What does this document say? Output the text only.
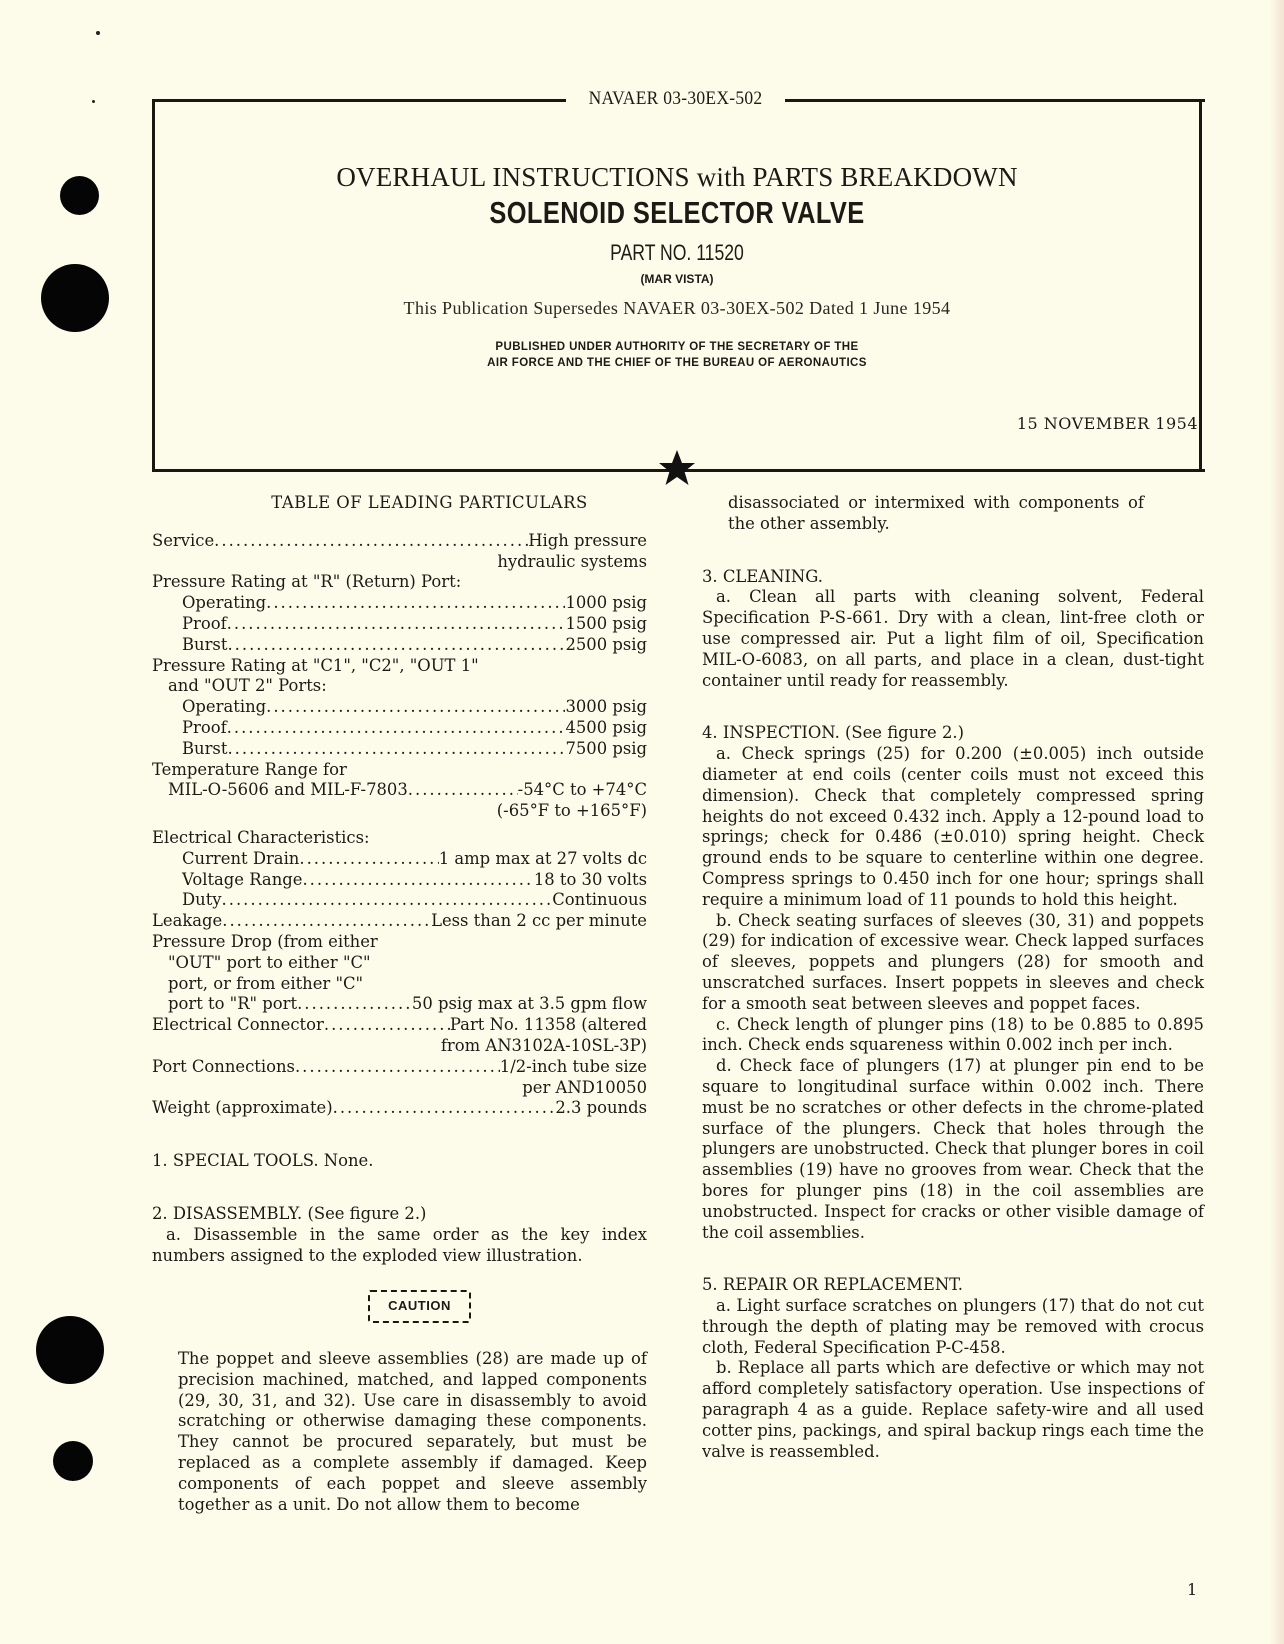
NAVAER 03-30EX-502
OVERHAUL INSTRUCTIONS with PARTS BREAKDOWN
SOLENOID SELECTOR VALVE
PART NO. 11520
(MAR VISTA)
This Publication Supersedes NAVAER 03-30EX-502 Dated 1 June 1954
PUBLISHED UNDER AUTHORITY OF THE SECRETARY OF THE
AIR FORCE AND THE CHIEF OF THE BUREAU OF AERONAUTICS
15 NOVEMBER 1954
TABLE OF LEADING PARTICULARS
Service .....	High pressure
hydraulic systems
Pressure Rating at "R" (Return) Port:
Operating .....	1000 psig
Proof .....	1500 psig
Burst .....	2500 psig
Pressure Rating at "C1", "C2", "OUT 1"
and "OUT 2" Ports:
Operating .....	3000 psig
Proof .....	4500 psig
Burst .....	7500 psig
Temperature Range for
MIL-O-5606 and MIL-F-7803 .....	-54°C to +74°C
(-65°F to +165°F)
Electrical Characteristics:
Current Drain .....	1 amp max at 27 volts dc
Voltage Range .....	18 to 30 volts
Duty .....	Continuous
Leakage .....	Less than 2 cc per minute
Pressure Drop (from either
"OUT" port to either "C"
port, or from either "C"
port to "R" port .....	50 psig max at 3.5 gpm flow
Electrical Connector .....	Part No. 11358 (altered
from AN3102A-10SL-3P)
Port Connections .....	1/2-inch tube size
per AND10050
Weight (approximate) .....	2.3 pounds
1. SPECIAL TOOLS. None.
2. DISASSEMBLY. (See figure 2.)
a. Disassemble in the same order as the key index numbers assigned to the exploded view illustration.
CAUTION
The poppet and sleeve assemblies (28) are made up of precision machined, matched, and lapped components (29, 30, 31, and 32). Use care in disassembly to avoid scratching or otherwise damaging these components. They cannot be procured separately, but must be replaced as a complete assembly if damaged. Keep components of each poppet and sleeve assembly together as a unit. Do not allow them to become
disassociated or intermixed with components of the other assembly.
3. CLEANING.
a. Clean all parts with cleaning solvent, Federal Specification P-S-661. Dry with a clean, lint-free cloth or use compressed air. Put a light film of oil, Specification MIL-O-6083, on all parts, and place in a clean, dust-tight container until ready for reassembly.
4. INSPECTION. (See figure 2.)
a. Check springs (25) for 0.200 (±0.005) inch outside diameter at end coils (center coils must not exceed this dimension). Check that completely compressed spring heights do not exceed 0.432 inch. Apply a 12-pound load to springs; check for 0.486 (±0.010) spring height. Check ground ends to be square to centerline within one degree. Compress springs to 0.450 inch for one hour; springs shall require a minimum load of 11 pounds to hold this height.
b. Check seating surfaces of sleeves (30, 31) and poppets (29) for indication of excessive wear. Check lapped surfaces of sleeves, poppets and plungers (28) for smooth and unscratched surfaces. Insert poppets in sleeves and check for a smooth seat between sleeves and poppet faces.
c. Check length of plunger pins (18) to be 0.885 to 0.895 inch. Check ends squareness within 0.002 inch per inch.
d. Check face of plungers (17) at plunger pin end to be square to longitudinal surface within 0.002 inch. There must be no scratches or other defects in the chrome-plated surface of the plungers. Check that holes through the plungers are unobstructed. Check that plunger bores in coil assemblies (19) have no grooves from wear. Check that the bores for plunger pins (18) in the coil assemblies are unobstructed. Inspect for cracks or other visible damage of the coil assemblies.
5. REPAIR OR REPLACEMENT.
a. Light surface scratches on plungers (17) that do not cut through the depth of plating may be removed with crocus cloth, Federal Specification P-C-458.
b. Replace all parts which are defective or which may not afford completely satisfactory operation. Use inspections of paragraph 4 as a guide. Replace safety-wire and all used cotter pins, packings, and spiral backup rings each time the valve is reassembled.
1
